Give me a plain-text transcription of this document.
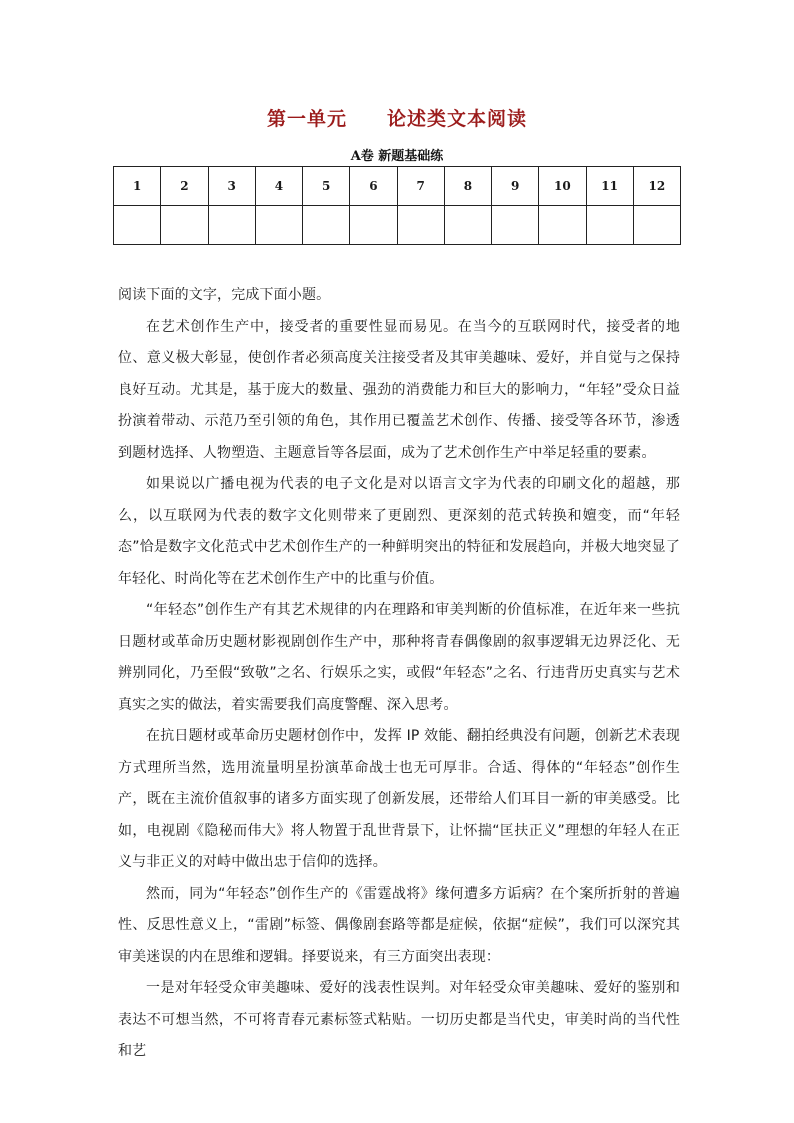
第一单元 论述类文本阅读
A卷 新题基础练
1	2	3	4	5	6	7	8	9	10	11	12

阅读下面的文字，完成下面小题。

在艺术创作生产中，接受者的重要性显而易见。在当今的互联网时代，接受者的地位、意义极大彰显，使创作者必须高度关注接受者及其审美趣味、爱好，并自觉与之保持良好互动。尤其是，基于庞大的数量、强劲的消费能力和巨大的影响力，“年轻”受众日益扮演着带动、示范乃至引领的角色，其作用已覆盖艺术创作、传播、接受等各环节，渗透到题材选择、人物塑造、主题意旨等各层面，成为了艺术创作生产中举足轻重的要素。

如果说以广播电视为代表的电子文化是对以语言文字为代表的印刷文化的超越，那么，以互联网为代表的数字文化则带来了更剧烈、更深刻的范式转换和嬗变，而“年轻态”恰是数字文化范式中艺术创作生产的一种鲜明突出的特征和发展趋向，并极大地突显了年轻化、时尚化等在艺术创作生产中的比重与价值。

“年轻态”创作生产有其艺术规律的内在理路和审美判断的价值标准，在近年来一些抗日题材或革命历史题材影视剧创作生产中，那种将青春偶像剧的叙事逻辑无边界泛化、无辨别同化，乃至假“致敬”之名、行娱乐之实，或假“年轻态”之名、行违背历史真实与艺术真实之实的做法，着实需要我们高度警醒、深入思考。

在抗日题材或革命历史题材创作中，发挥 IP 效能、翻拍经典没有问题，创新艺术表现方式理所当然，选用流量明星扮演革命战士也无可厚非。合适、得体的“年轻态”创作生产，既在主流价值叙事的诸多方面实现了创新发展，还带给人们耳目一新的审美感受。比如，电视剧《隐秘而伟大》将人物置于乱世背景下，让怀揣“匡扶正义”理想的年轻人在正义与非正义的对峙中做出忠于信仰的选择。

然而，同为“年轻态”创作生产的《雷霆战将》缘何遭多方诟病？在个案所折射的普遍性、反思性意义上，“雷剧”标签、偶像剧套路等都是症候，依据“症候”，我们可以深究其审美迷误的内在思维和逻辑。择要说来，有三方面突出表现：

一是对年轻受众审美趣味、爱好的浅表性误判。对年轻受众审美趣味、爱好的鉴别和表达不可想当然，不可将青春元素标签式粘贴。一切历史都是当代史，审美时尚的当代性和艺
